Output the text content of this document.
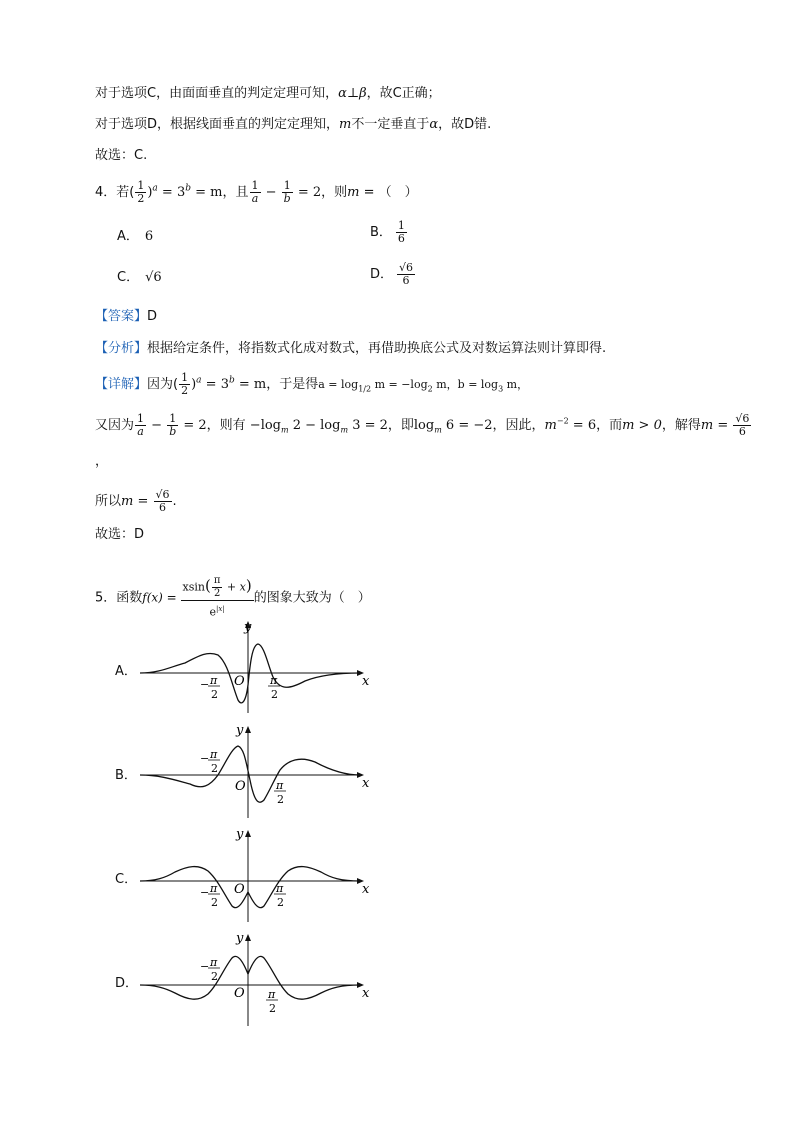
对于选项C，由面面垂直的判定定理可知，α⊥β，故C正确；
对于选项D，根据线面垂直的判定定理知，m不一定垂直于α，故D错.
故选：C.
4．若( $\frac{1}{2} )^a = 3^b = m$，且 $\frac{1}{a} - \frac{1}{b} = 2$，则m = （　）
A． 6	B． $\frac{1}{6}$
C． √6	D． $\frac{√6}{6}$
【答案】D
【分析】根据给定条件，将指数式化成对数式，再借助换底公式及对数运算法则计算即得.
【详解】因为( $\frac{1}{2} )^a = 3^b = m$，于是得$a = \log_{1/2} m = -\log_2$ m，$b = \log_3 m$，
又因为 $\frac{1}{a} - \frac{1}{b} = 2$，则有 $-\log_m$ $2 - \log_m 3 = 2$，即$\log_m 6 = -2$，因此，$m^{-2} = 6$，而m > 0，解得$m = \frac{√6}{6}$
，
所以$m = \frac{√6}{6}$ .
故选：D
5．函数$f(x) = \frac{xsin( \frac{\pi}{2} + x)}{e^{|x|}}$ 的图象大致为（　）
A．
B．
C．
D．
y
x
O
− π
2
π
2
y
x
O
− π
2
π
2
y
x
O
− π
2
π
2
y
x
O
− π
2
π
2
